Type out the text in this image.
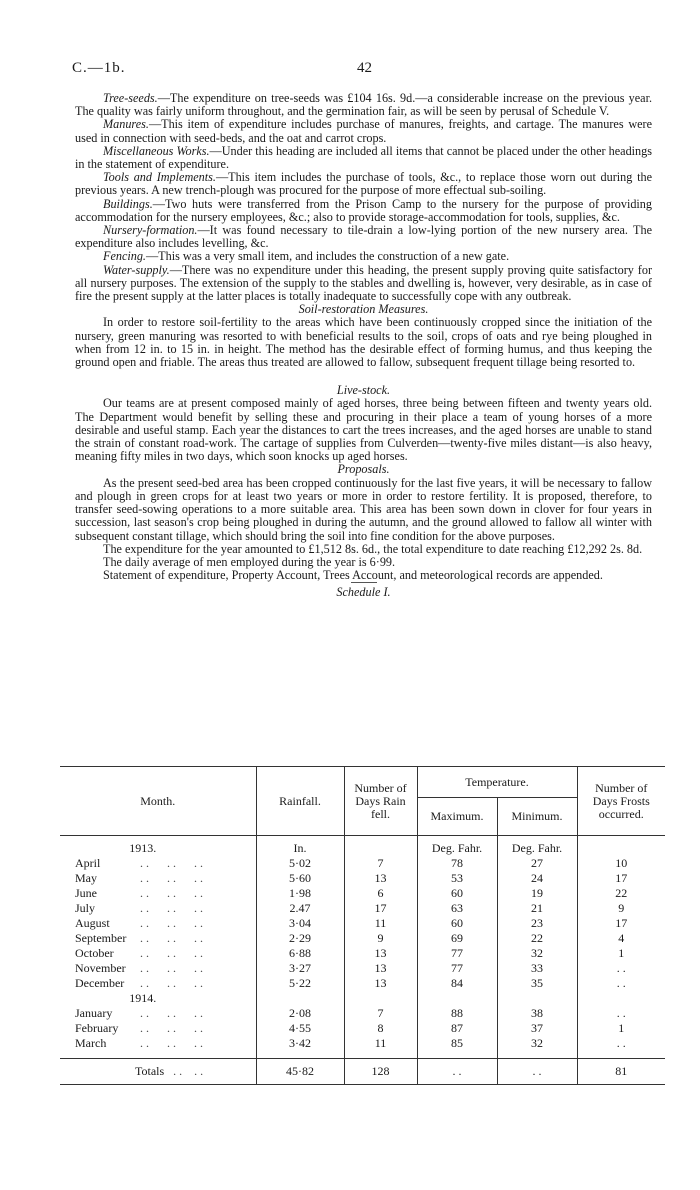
C.—1b.	42

Tree-seeds.—The expenditure on tree-seeds was £104 16s. 9d.—a considerable increase on the previous year. The quality was fairly uniform throughout, and the germination fair, as will be seen by perusal of Schedule V.

Manures.—This item of expenditure includes purchase of manures, freights, and cartage. The manures were used in connection with seed-beds, and the oat and carrot crops.

Miscellaneous Works.—Under this heading are included all items that cannot be placed under the other headings in the statement of expenditure.

Tools and Implements.—This item includes the purchase of tools, &c., to replace those worn out during the previous years. A new trench-plough was procured for the purpose of more effectual sub-soiling.

Buildings.—Two huts were transferred from the Prison Camp to the nursery for the purpose of providing accommodation for the nursery employees, &c.; also to provide storage-accommodation for tools, supplies, &c.

Nursery-formation.—It was found necessary to tile-drain a low-lying portion of the new nursery area. The expenditure also includes levelling, &c.

Fencing.—This was a very small item, and includes the construction of a new gate.

Water-supply.—There was no expenditure under this heading, the present supply proving quite satisfactory for all nursery purposes. The extension of the supply to the stables and dwelling is, however, very desirable, as in case of fire the present supply at the latter places is totally inadequate to successfully cope with any outbreak.

Soil-restoration Measures.

In order to restore soil-fertility to the areas which have been continuously cropped since the initiation of the nursery, green manuring was resorted to with beneficial results to the soil, crops of oats and rye being ploughed in when from 12 in. to 15 in. in height. The method has the desirable effect of forming humus, and thus keeping the ground open and friable. The areas thus treated are allowed to fallow, subsequent frequent tillage being resorted to.

Live-stock.

Our teams are at present composed mainly of aged horses, three being between fifteen and twenty years old. The Department would benefit by selling these and procuring in their place a team of young horses of a more desirable and useful stamp. Each year the distances to cart the trees increases, and the aged horses are unable to stand the strain of constant road-work. The cartage of supplies from Culverden—twenty-five miles distant—is also heavy, meaning fifty miles in two days, which soon knocks up aged horses.

Proposals.

As the present seed-bed area has been cropped continuously for the last five years, it will be necessary to fallow and plough in green crops for at least two years or more in order to restore fertility. It is proposed, therefore, to transfer seed-sowing operations to a more suitable area. This area has been sown down in clover for four years in succession, last season's crop being ploughed in during the autumn, and the ground allowed to fallow all winter with subsequent constant tillage, which should bring the soil into fine condition for the above purposes.

The expenditure for the year amounted to £1,512 8s. 6d., the total expenditure to date reaching £12,292 2s. 8d.

The daily average of men employed during the year is 6·99.

Statement of expenditure, Property Account, Trees Account, and meteorological records are appended.

Schedule I.
Month.	Rainfall.	Number of Days Rain fell.	Temperature.		Number of Days Frosts occurred.
			Maximum.	Minimum.	
1913.	In.		Deg. Fahr.	Deg. Fahr.	
April . .      . .      . .	5·02	7	78	27	10
May . .      . .      . .	5·60	13	53	24	17
June . .      . .      . .	1·98	6	60	19	22
July . .      . .      . .	2.47	17	63	21	9
August . .      . .      . .	3·04	11	60	23	17
September . .      . .      . .	2·29	9	69	22	4
October . .      . .      . .	6·88	13	77	32	1
November . .      . .      . .	3·27	13	77	33	. .
December . .      . .      . .	5·22	13	84	35	. .
1914.					
January . .      . .      . .	2·08	7	88	38	. .
February . .      . .      . .	4·55	8	87	37	1
March . .      . .      . .	3·42	11	85	32	. .

Totals   . .    . .	45·82	128	. .	. .	81
